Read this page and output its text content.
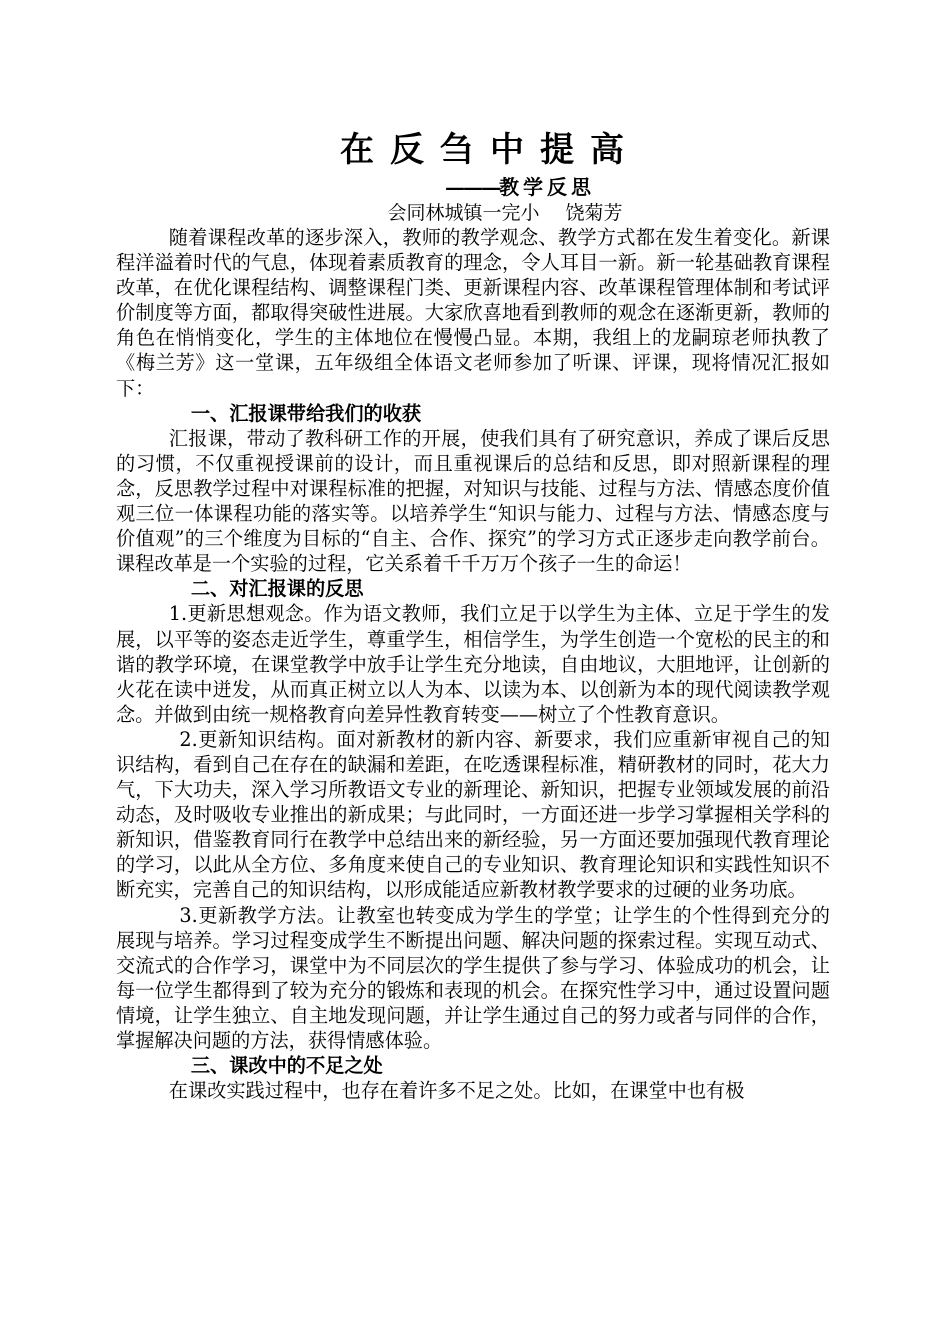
在反刍中提高
———教学反思
会同林城镇一完小 饶菊芳

随着课程改革的逐步深入，教师的教学观念、教学方式都在发生着变化。新课程洋溢着时代的气息，体现着素质教育的理念，令人耳目一新。新一轮基础教育课程改革，在优化课程结构、调整课程门类、更新课程内容、改革课程管理体制和考试评价制度等方面，都取得突破性进展。大家欣喜地看到教师的观念在逐渐更新，教师的角色在悄悄变化，学生的主体地位在慢慢凸显。本期，我组上的龙嗣琼老师执教了《梅兰芳》这一堂课，五年级组全体语文老师参加了听课、评课，现将情况汇报如下：

一、汇报课带给我们的收获

汇报课，带动了教科研工作的开展，使我们具有了研究意识，养成了课后反思的习惯，不仅重视授课前的设计，而且重视课后的总结和反思，即对照新课程的理念，反思教学过程中对课程标准的把握，对知识与技能、过程与方法、情感态度价值观三位一体课程功能的落实等。以培养学生“知识与能力、过程与方法、情感态度与价值观”的三个维度为目标的“自主、合作、探究”的学习方式正逐步走向教学前台。课程改革是一个实验的过程，它关系着千千万万个孩子一生的命运！

二、对汇报课的反思

1.更新思想观念。作为语文教师，我们立足于以学生为主体、立足于学生的发展，以平等的姿态走近学生，尊重学生，相信学生，为学生创造一个宽松的民主的和谐的教学环境，在课堂教学中放手让学生充分地读，自由地议，大胆地评，让创新的火花在读中迸发，从而真正树立以人为本、以读为本、以创新为本的现代阅读教学观念。并做到由统一规格教育向差异性教育转变——树立了个性教育意识。

2.更新知识结构。面对新教材的新内容、新要求，我们应重新审视自己的知识结构，看到自己在存在的缺漏和差距，在吃透课程标准，精研教材的同时，花大力气，下大功夫，深入学习所教语文专业的新理论、新知识，把握专业领域发展的前沿动态，及时吸收专业推出的新成果；与此同时，一方面还进一步学习掌握相关学科的新知识，借鉴教育同行在教学中总结出来的新经验，另一方面还要加强现代教育理论的学习，以此从全方位、多角度来使自己的专业知识、教育理论知识和实践性知识不断充实，完善自己的知识结构，以形成能适应新教材教学要求的过硬的业务功底。

3.更新教学方法。让教室也转变成为学生的学堂；让学生的个性得到充分的展现与培养。学习过程变成学生不断提出问题、解决问题的探索过程。实现互动式、交流式的合作学习，课堂中为不同层次的学生提供了参与学习、体验成功的机会，让每一位学生都得到了较为充分的锻炼和表现的机会。在探究性学习中，通过设置问题情境，让学生独立、自主地发现问题，并让学生通过自己的努力或者与同伴的合作，掌握解决问题的方法，获得情感体验。

三、课改中的不足之处

在课改实践过程中，也存在着许多不足之处。比如，在课堂中也有极
